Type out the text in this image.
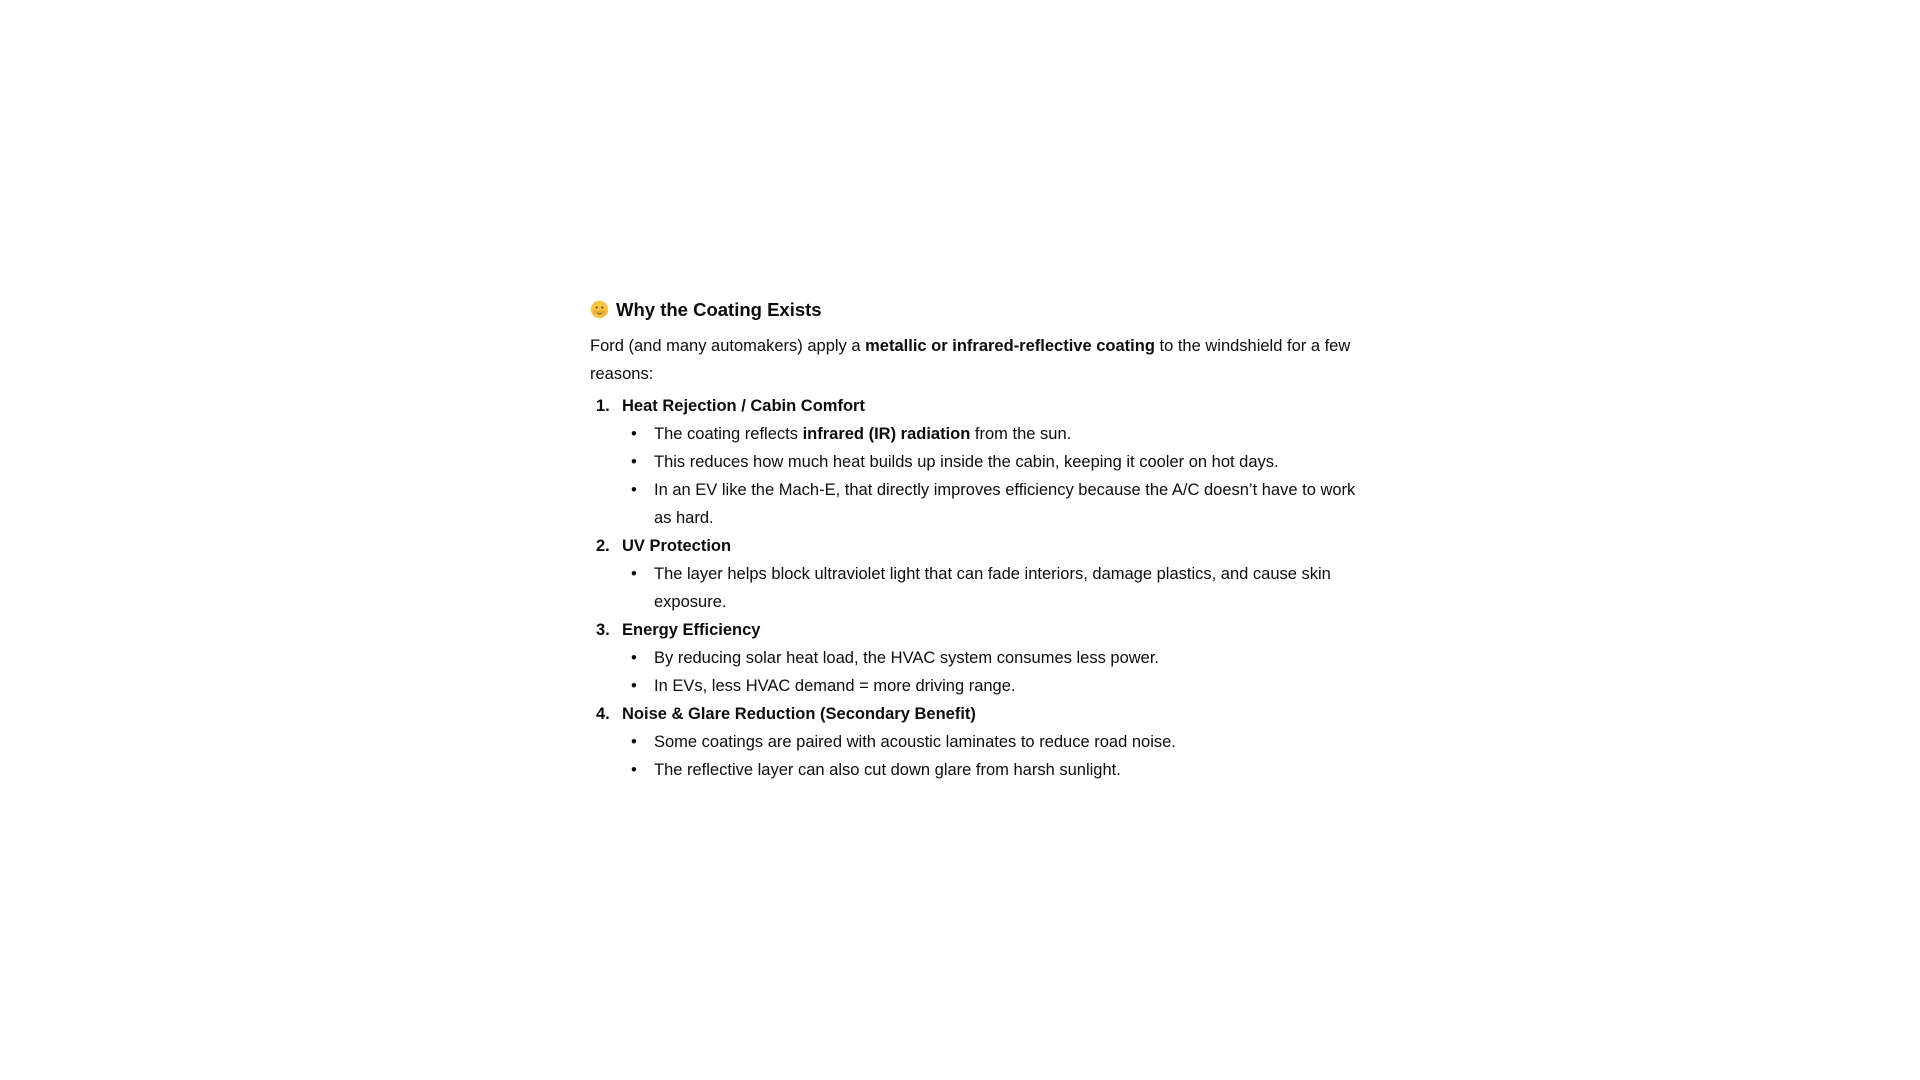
Why the Coating Exists

Ford (and many automakers) apply a metallic or infrared-reflective coating to the windshield for a few reasons:

1. Heat Rejection / Cabin Comfort
• The coating reflects infrared (IR) radiation from the sun.
• This reduces how much heat builds up inside the cabin, keeping it cooler on hot days.
• In an EV like the Mach-E, that directly improves efficiency because the A/C doesn’t have to work as hard.
2. UV Protection
• The layer helps block ultraviolet light that can fade interiors, damage plastics, and cause skin exposure.
3. Energy Efficiency
• By reducing solar heat load, the HVAC system consumes less power.
• In EVs, less HVAC demand = more driving range.
4. Noise & Glare Reduction (Secondary Benefit)
• Some coatings are paired with acoustic laminates to reduce road noise.
• The reflective layer can also cut down glare from harsh sunlight.
